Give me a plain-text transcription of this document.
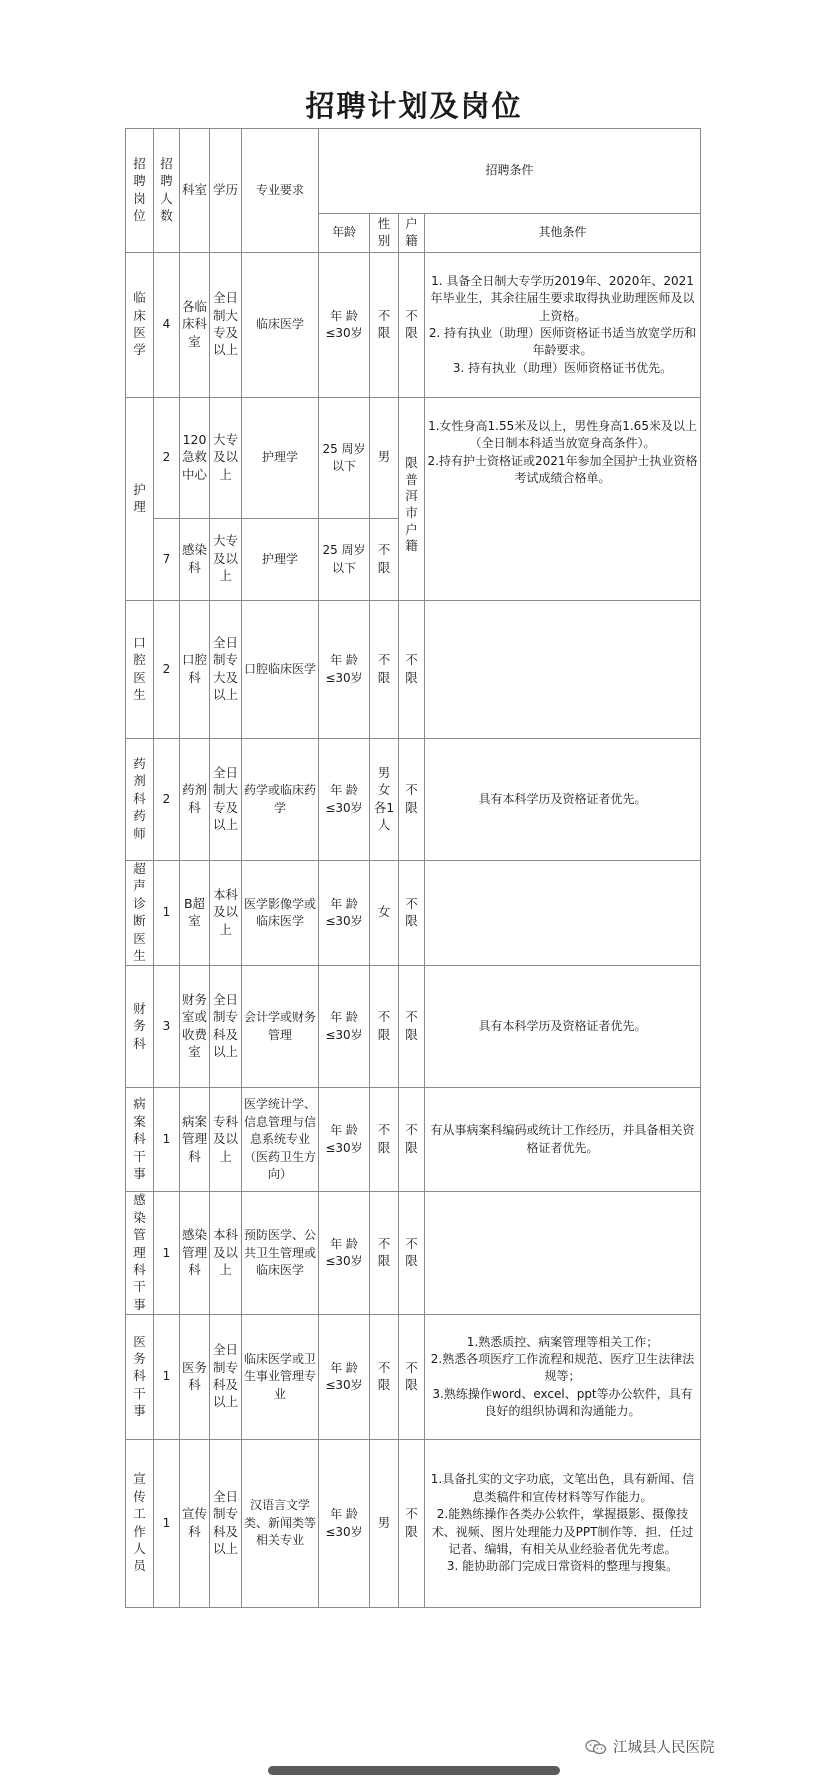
招聘计划及岗位
招聘岗位	招聘人数	科室	学历	专业要求	招聘条件			
					年龄	性别	户籍	其他条件
临床医学	4	各临床科室	全日制大专及以上	临床医学	年 龄 ≤30岁	不限	不限	1. 具备全日制大专学历2019年、2020年、2021年毕业生，其余往届生要求取得执业助理医师及以上资格。
2. 持有执业（助理）医师资格证书适当放宽学历和年龄要求。
3. 持有执业（助理）医师资格证书优先。
护理	2	120急救中心	大专及以上	护理学	25 周岁 以下	男	限普洱市户籍	1.女性身高1.55米及以上，男性身高1.65米及以上（全日制本科适当放宽身高条件）。
2.持有护士资格证或2021年参加全国护士执业资格考试成绩合格单。
	7	感染科	大专及以上	护理学	25 周岁 以下	不限		
口腔医生	2	口腔科	全日制专大及以上	口腔临床医学	年 龄 ≤30岁	不限	不限	
药剂科药师	2	药剂科	全日制大专及以上	药学或临床药学	年 龄 ≤30岁	男女各1人	不限	具有本科学历及资格证者优先。
超声诊断医生	1	B超室	本科及以上	医学影像学或临床医学	年 龄 ≤30岁	女	不限	
财务科	3	财务室或收费室	全日制专科及以上	会计学或财务管理	年 龄 ≤30岁	不限	不限	具有本科学历及资格证者优先。
病案科干事	1	病案管理科	专科及以上	医学统计学、信息管理与信息系统专业（医药卫生方向）	年 龄 ≤30岁	不限	不限	有从事病案科编码或统计工作经历，并具备相关资格证者优先。
感染管理科干事	1	感染管理科	本科及以上	预防医学、公共卫生管理或临床医学	年 龄 ≤30岁	不限	不限	
医务科干事	1	医务科	全日制专科及以上	临床医学或卫生事业管理专业	年 龄 ≤30岁	不限	不限	1.熟悉质控、病案管理等相关工作；
2.熟悉各项医疗工作流程和规范、医疗卫生法律法规等；
3.熟练操作word、excel、ppt等办公软件，具有良好的组织协调和沟通能力。
宣传工作人员	1	宣传科	全日制专科及以上	汉语言文学类、新闻类等相关专业	年 龄 ≤30岁	男	不限	1.具备扎实的文字功底，文笔出色，具有新闻、信息类稿件和宣传材料等写作能力。
2.能熟练操作各类办公软件，掌握摄影、摄像技术、视频、图片处理能力及PPT制作等．担．任过记者、编辑，有相关从业经验者优先考虑。
3. 能协助部门完成日常资料的整理与搜集。
江城县人民医院
